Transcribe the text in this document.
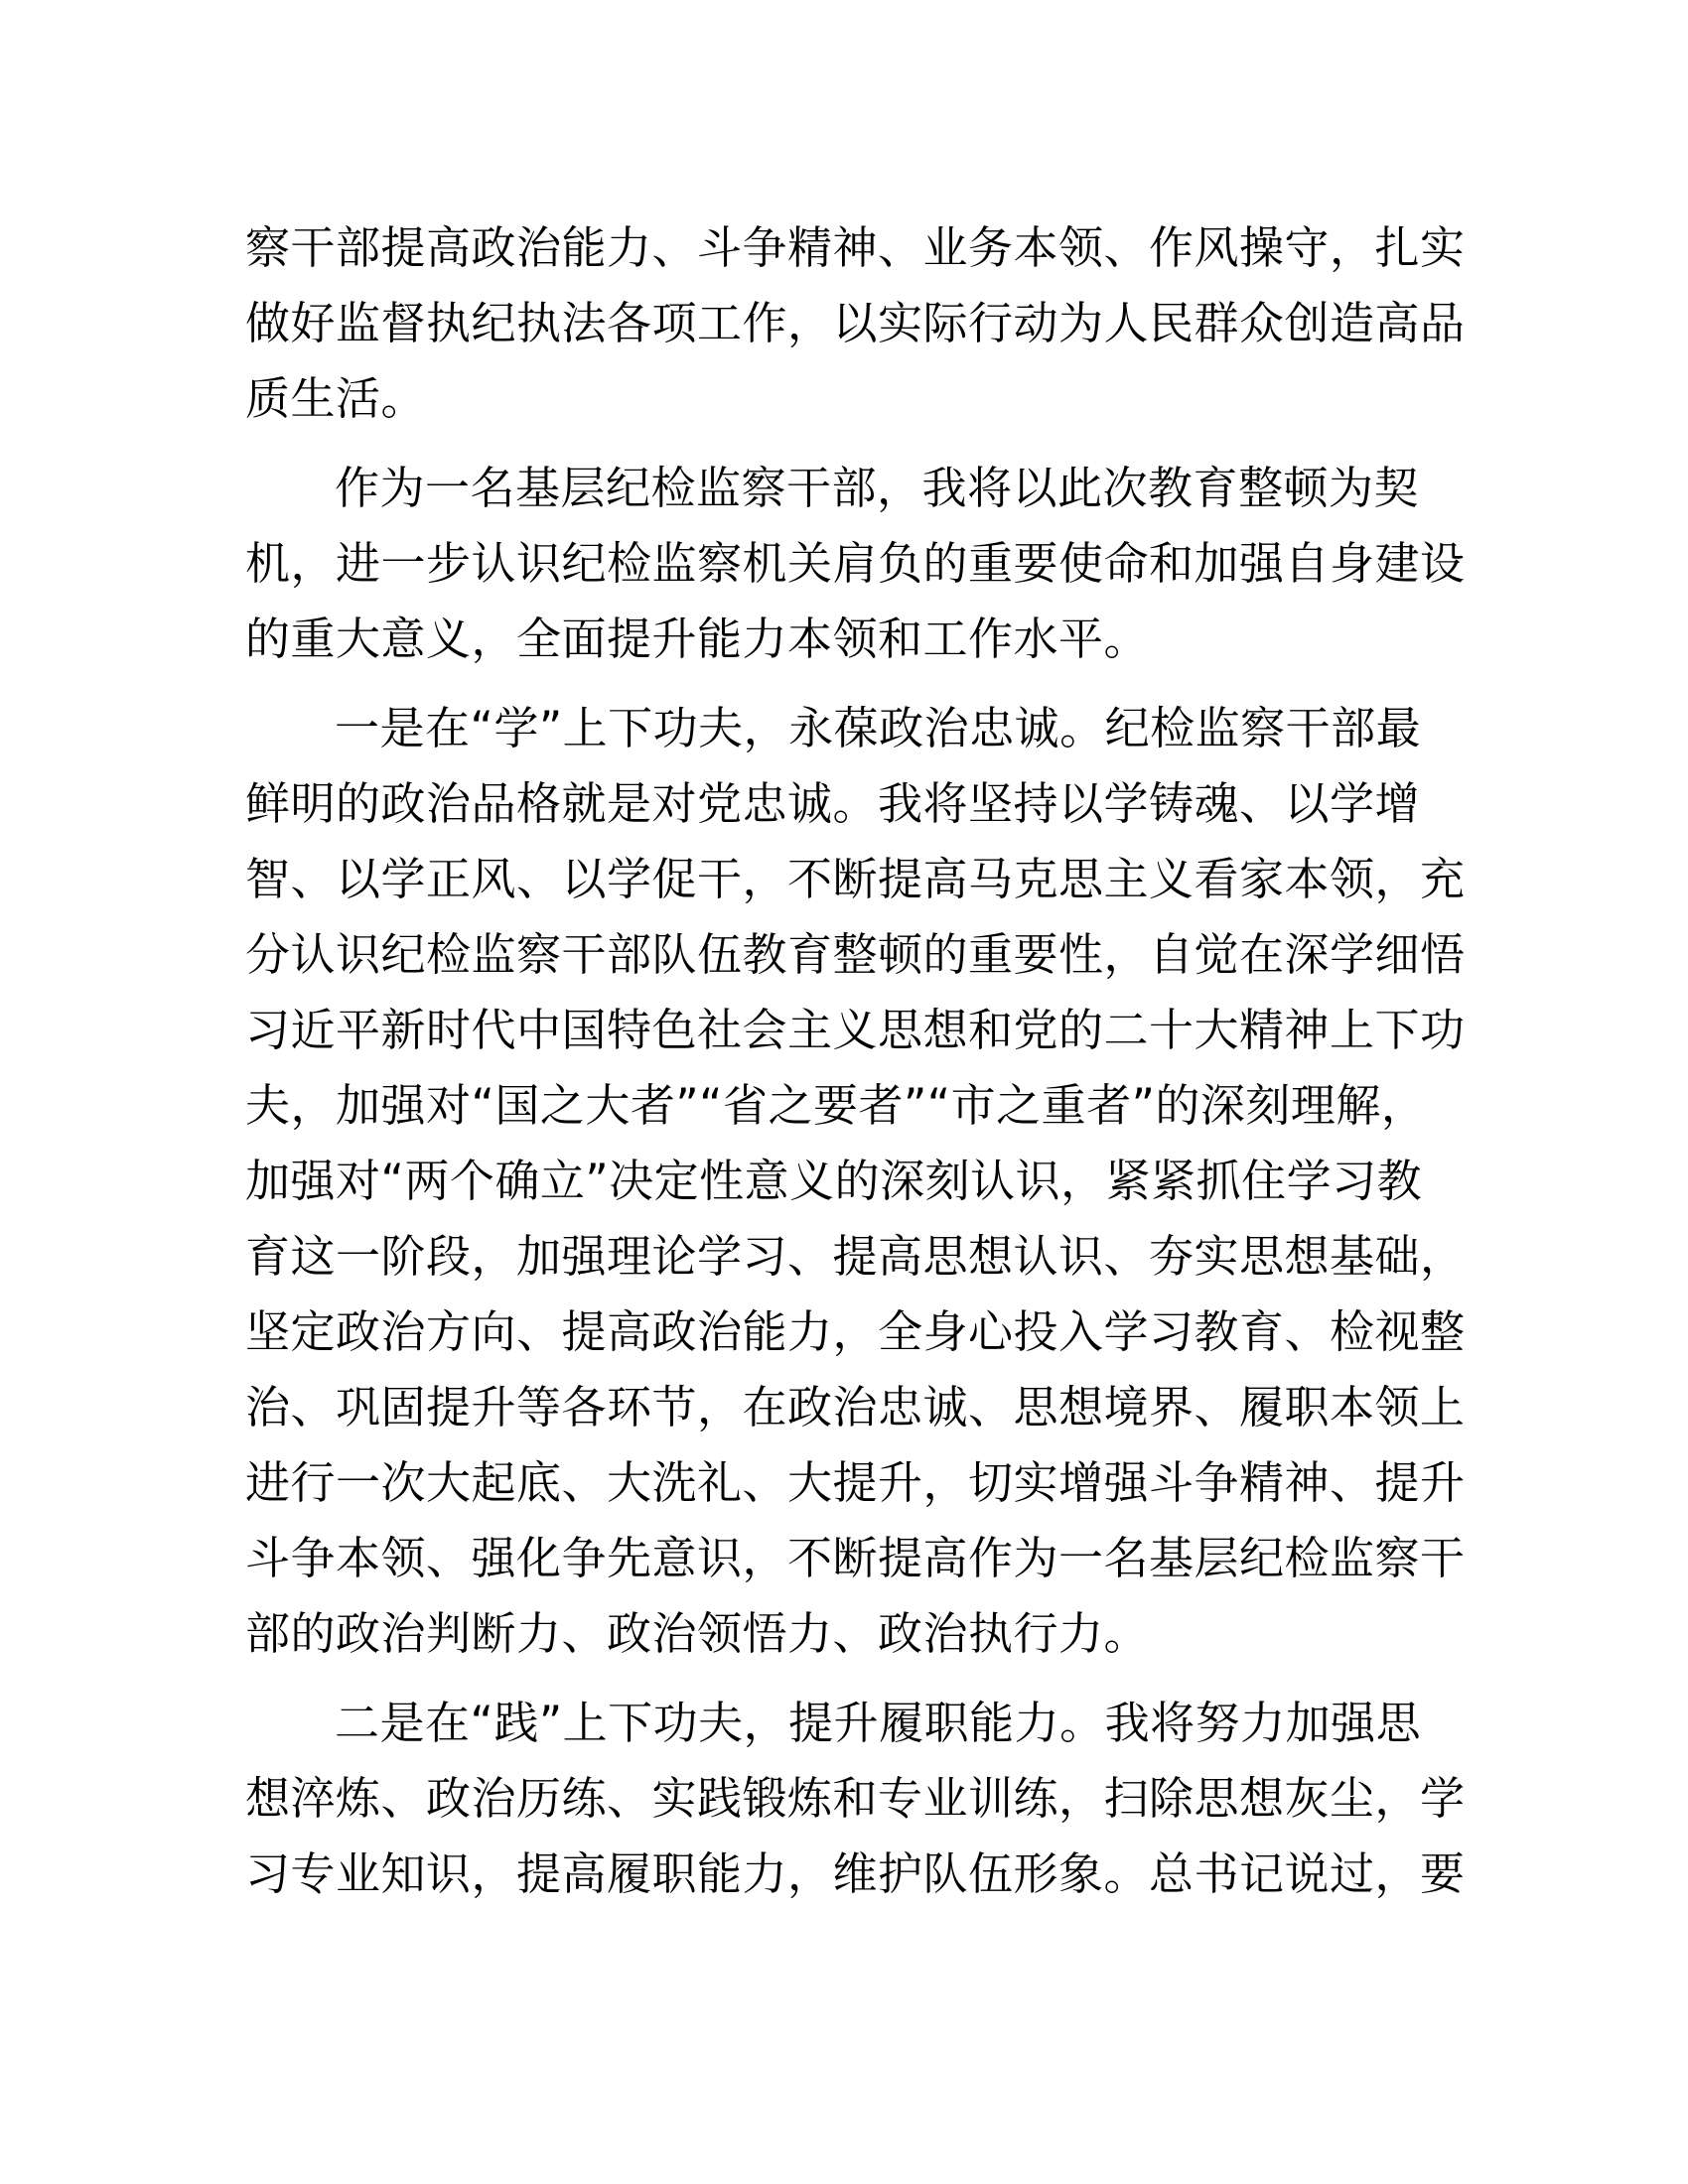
察干部提高政治能力、斗争精神、业务本领、作风操守，扎实
做好监督执纪执法各项工作，以实际行动为人民群众创造高品
质生活。
作为一名基层纪检监察干部，我将以此次教育整顿为契
机，进一步认识纪检监察机关肩负的重要使命和加强自身建设
的重大意义，全面提升能力本领和工作水平。
一是在“学”上下功夫，永葆政治忠诚。纪检监察干部最
鲜明的政治品格就是对党忠诚。我将坚持以学铸魂、以学增
智、以学正风、以学促干，不断提高马克思主义看家本领，充
分认识纪检监察干部队伍教育整顿的重要性，自觉在深学细悟
习近平新时代中国特色社会主义思想和党的二十大精神上下功
夫，加强对“国之大者”“省之要者”“市之重者”的深刻理解，
加强对“两个确立”决定性意义的深刻认识，紧紧抓住学习教
育这一阶段，加强理论学习、提高思想认识、夯实思想基础，
坚定政治方向、提高政治能力，全身心投入学习教育、检视整
治、巩固提升等各环节，在政治忠诚、思想境界、履职本领上
进行一次大起底、大洗礼、大提升，切实增强斗争精神、提升
斗争本领、强化争先意识，不断提高作为一名基层纪检监察干
部的政治判断力、政治领悟力、政治执行力。
二是在“践”上下功夫，提升履职能力。我将努力加强思
想淬炼、政治历练、实践锻炼和专业训练，扫除思想灰尘，学
习专业知识，提高履职能力，维护队伍形象。总书记说过，要
